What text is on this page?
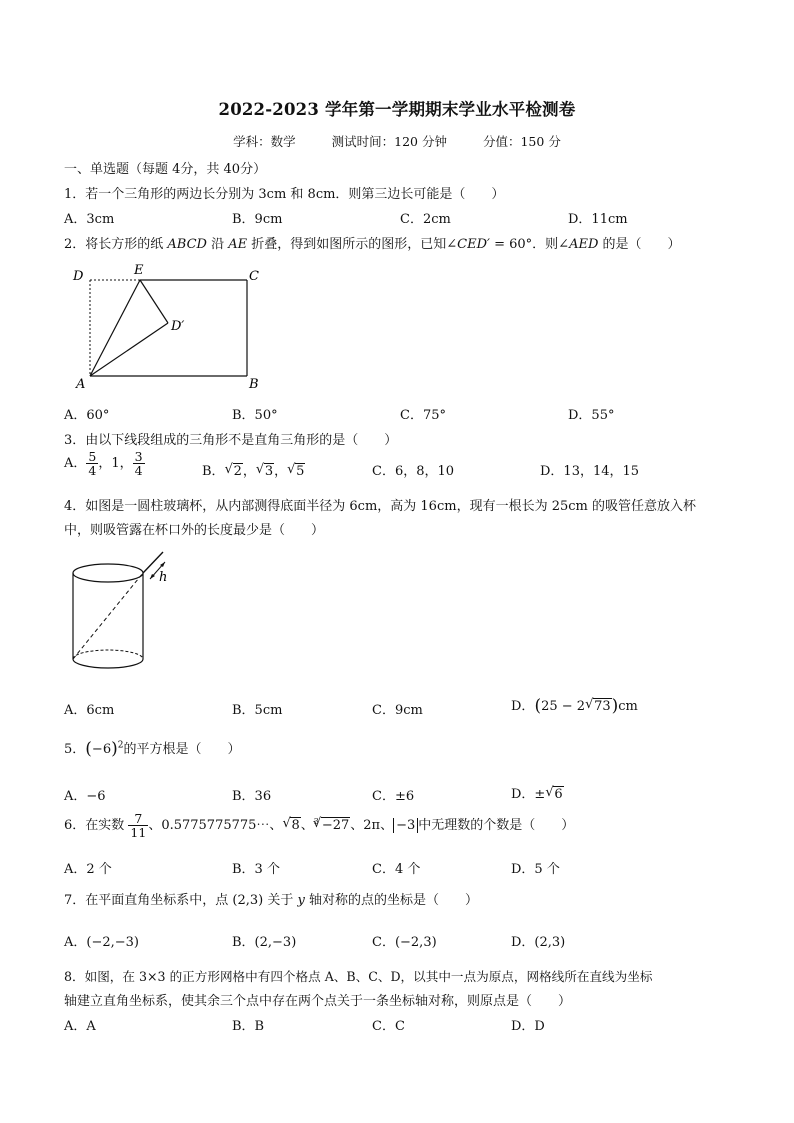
2022-2023 学年第一学期期末学业水平检测卷
学科：数学	测试时间：120 分钟	分值：150 分
一、单选题（每题 4分，共 40分）
1．若一个三角形的两边长分别为 3cm 和 8cm．则第三边长可能是（　　）
A．3cm	B．9cm	C．2cm	D．11cm
2．将长方形的纸 ABCD 沿 AE 折叠，得到如图所示的图形，已知∠CED′ = 60°．则∠AED 的是（　　）
D	E	C
D′
A	B
A．60°	B．50°	C．75°	D．55°
3．由以下线段组成的三角形不是直角三角形的是（　　）
A． $\frac{5}{4}$ ，1， $\frac{3}{4}$	B． √ 2， √ 3， √ 5	C．6，8，10	D．13，14，15
4．如图是一圆柱玻璃杯，从内部测得底面半径为 6cm，高为 16cm，现有一根长为 25cm 的吸管任意放入杯
中，则吸管露在杯口外的长度最少是（　　）
h
A．6cm	B．5cm	C．9cm	D．(25 − 2 √ 73)cm
5．$(-6)^2$的平方根是（　　）
A．−6	B．36	C．±6	D．± √ 6
6．在实数 $\frac{7}{11}$ 、0.5775775775⋯、 √ 8、$^3$ √ −27、2π、 −3 中无理数的个数是（　　）
A．2 个	B．3 个	C．4 个	D．5 个
7．在平面直角坐标系中，点 (2,3) 关于 y 轴对称的点的坐标是（　　）
A．(−2,−3)	B．(2,−3)	C．(−2,3)	D．(2,3)
8．如图，在 3×3 的正方形网格中有四个格点 A、B、C、D，以其中一点为原点，网格线所在直线为坐标
轴建立直角坐标系，使其余三个点中存在两个点关于一条坐标轴对称，则原点是（　　）
A．A	B．B	C．C	D．D
